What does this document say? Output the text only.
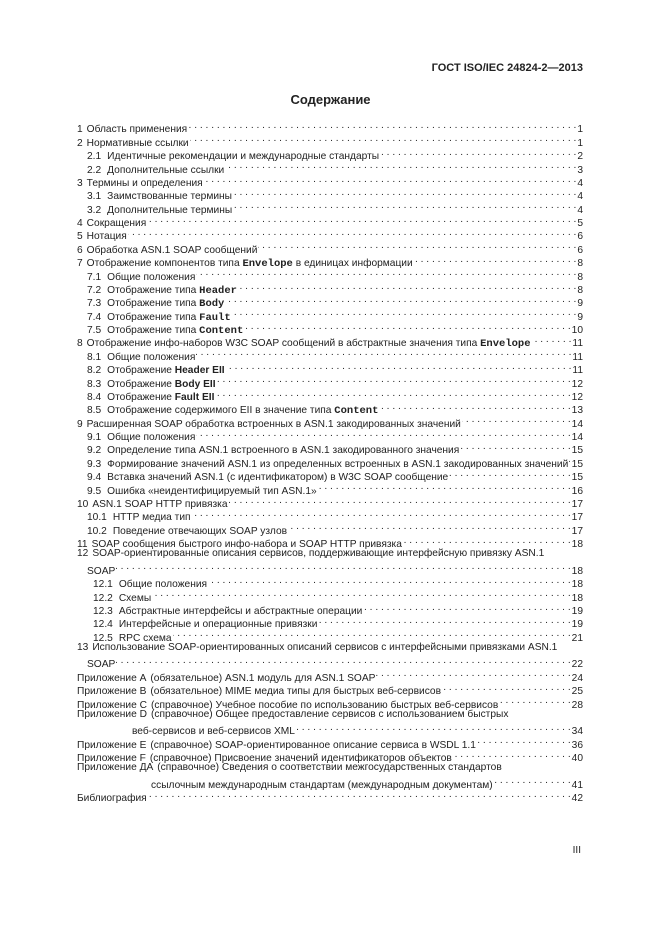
ГОСТ ISO/IEC 24824-2—2013
Содержание
1 Область применения . . .	1
2 Нормативные ссылки . . .	1
2.1 Идентичные рекомендации и международные стандарты . . .	2
2.2 Дополнительные ссылки . . .	3
3 Термины и определения . . .	4
3.1 Заимствованные термины . . .	4
3.2 Дополнительные термины . . .	4
4 Сокращения . . .	5
5 Нотация . . .	6
6 Обработка ASN.1 SOAP сообщений . . .	6
7 Отображение компонентов типа Envelope в единицах информации . . .	8
7.1 Общие положения . . .	8
7.2 Отображение типа Header . . .	8
7.3 Отображение типа Body . . .	9
7.4 Отображение типа Fault . . .	9
7.5 Отображение типа Content . . .	10
8 Отображение инфо-наборов W3C SOAP сообщений в абстрактные значения типа Envelope . . .	11
8.1 Общие положения . . .	11
8.2 Отображение Header EII . . .	11
8.3 Отображение Body EII . . .	12
8.4 Отображение Fault EII . . .	12
8.5 Отображение содержимого EII в значение типа Content . . .	13
9 Расширенная SOAP обработка встроенных в ASN.1 закодированных значений . . .	14
9.1 Общие положения . . .	14
9.2 Определение типа ASN.1 встроенного в ASN.1 закодированного значения . . .	15
9.3 Формирование значений ASN.1 из определенных встроенных в ASN.1 закодированных значений . . . 15
9.4 Вставка значений ASN.1 (с идентификатором) в W3C SOAP сообщение . . .	15
9.5 Ошибка «неидентифицируемый тип ASN.1» . . .	16
10 ASN.1 SOAP HTTP привязка . . .	17
10.1 HTTP медиа тип . . .	17
10.2 Поведение отвечающих SOAP узлов . . .	17
11 SOAP сообщения быстрого инфо-набора и SOAP HTTP привязка . . .	18
12 SOAP-ориентированные описания сервисов, поддерживающие интерфейсную привязку ASN.1
SOAP . . .	18
12.1 Общие положения . . .	18
12.2 Схемы . . .	18
12.3 Абстрактные интерфейсы и абстрактные операции . . .	19
12.4 Интерфейсные и операционные привязки . . .	19
12.5 RPC схема . . .	21
13 Использование SOAP-ориентированных описаний сервисов с интерфейсными привязками ASN.1
SOAP . . .	22
Приложение А (обязательное) ASN.1 модуль для ASN.1 SOAP . . .	24
Приложение В (обязательное) MIME медиа типы для быстрых веб-сервисов . . .	25
Приложение С (справочное) Учебное пособие по использованию быстрых веб-сервисов . . .	28
Приложение D (справочное) Общее предоставление сервисов с использованием быстрых
веб-сервисов и веб-сервисов XML . . .	34
Приложение Е (справочное) SOAP-ориентированное описание сервиса в WSDL 1.1 . . .	36
Приложение F (справочное) Присвоение значений идентификаторов объектов . . .	40
Приложение ДА (справочное) Сведения о соответствии межгосударственных стандартов
ссылочным международным стандартам (международным документам) . . .	41
Библиография . . .	42
III
